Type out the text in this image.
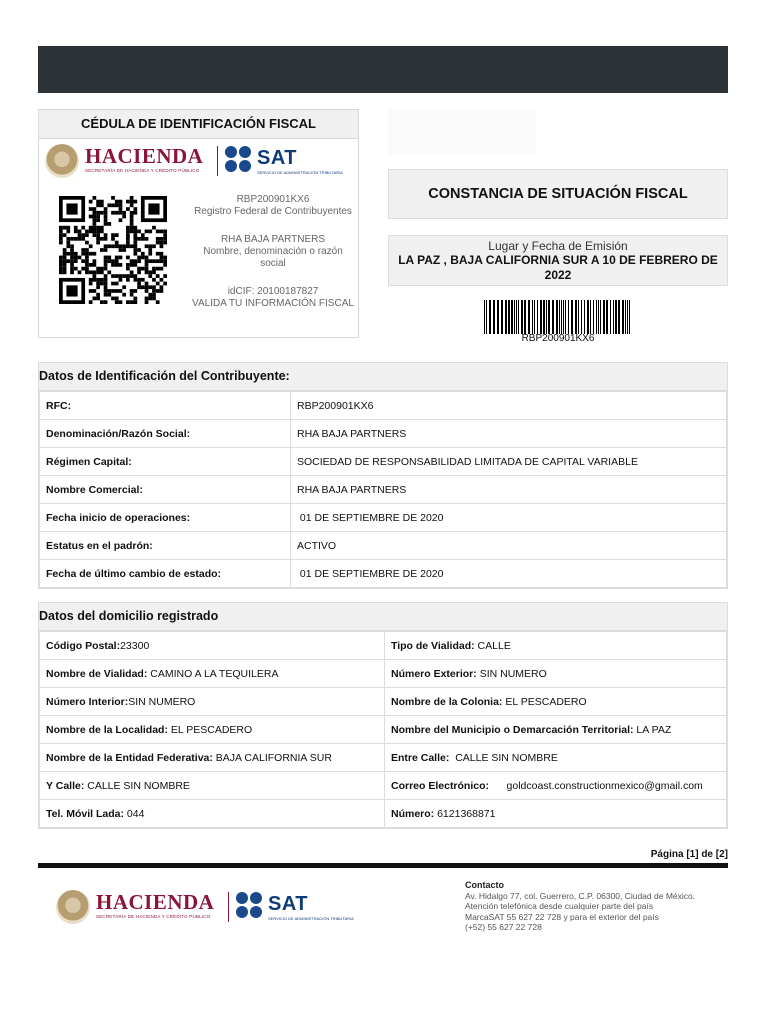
CÉDULA DE IDENTIFICACIÓN FISCAL
HACIENDA
SECRETARÍA DE HACIENDA Y CRÉDITO PÚBLICO
SAT
SERVICIO DE ADMINISTRACIÓN TRIBUTARIA
RBP200901KX6
Registro Federal de Contribuyentes
RHA BAJA PARTNERS
Nombre, denominación o razón social
idCIF: 20100187827
VALIDA TU INFORMACIÓN FISCAL
CONSTANCIA DE SITUACIÓN FISCAL
Lugar y Fecha de Emisión
LA PAZ , BAJA CALIFORNIA SUR A 10 DE FEBRERO DE 2022
RBP200901KX6
Datos de Identificación del Contribuyente:
RFC:	RBP200901KX6
Denominación/Razón Social:	RHA BAJA PARTNERS
Régimen Capital:	SOCIEDAD DE RESPONSABILIDAD LIMITADA DE CAPITAL VARIABLE
Nombre Comercial:	RHA BAJA PARTNERS
Fecha inicio de operaciones:	01 DE SEPTIEMBRE DE 2020
Estatus en el padrón:	ACTIVO
Fecha de último cambio de estado:	01 DE SEPTIEMBRE DE 2020
Datos del domicilio registrado
Código Postal:23300	Tipo de Vialidad: CALLE
Nombre de Vialidad: CAMINO A LA TEQUILERA	Número Exterior: SIN NUMERO
Número Interior:SIN NUMERO	Nombre de la Colonia: EL PESCADERO
Nombre de la Localidad: EL PESCADERO	Nombre del Municipio o Demarcación Territorial: LA PAZ
Nombre de la Entidad Federativa: BAJA CALIFORNIA SUR	Entre Calle:  CALLE SIN NOMBRE
Y Calle: CALLE SIN NOMBRE	Correo Electrónico:      goldcoast.constructionmexico@gmail.com
Tel. Móvil Lada: 044	Número: 6121368871
Página [1] de [2]
HACIENDA
SECRETARÍA DE HACIENDA Y CRÉDITO PÚBLICO
SAT
SERVICIO DE ADMINISTRACIÓN TRIBUTARIA
Contacto
Av. Hidalgo 77, col. Guerrero, C.P. 06300, Ciudad de México.
Atención telefónica desde cualquier parte del país
MarcaSAT 55 627 22 728 y para el exterior del país
(+52) 55 627 22 728
